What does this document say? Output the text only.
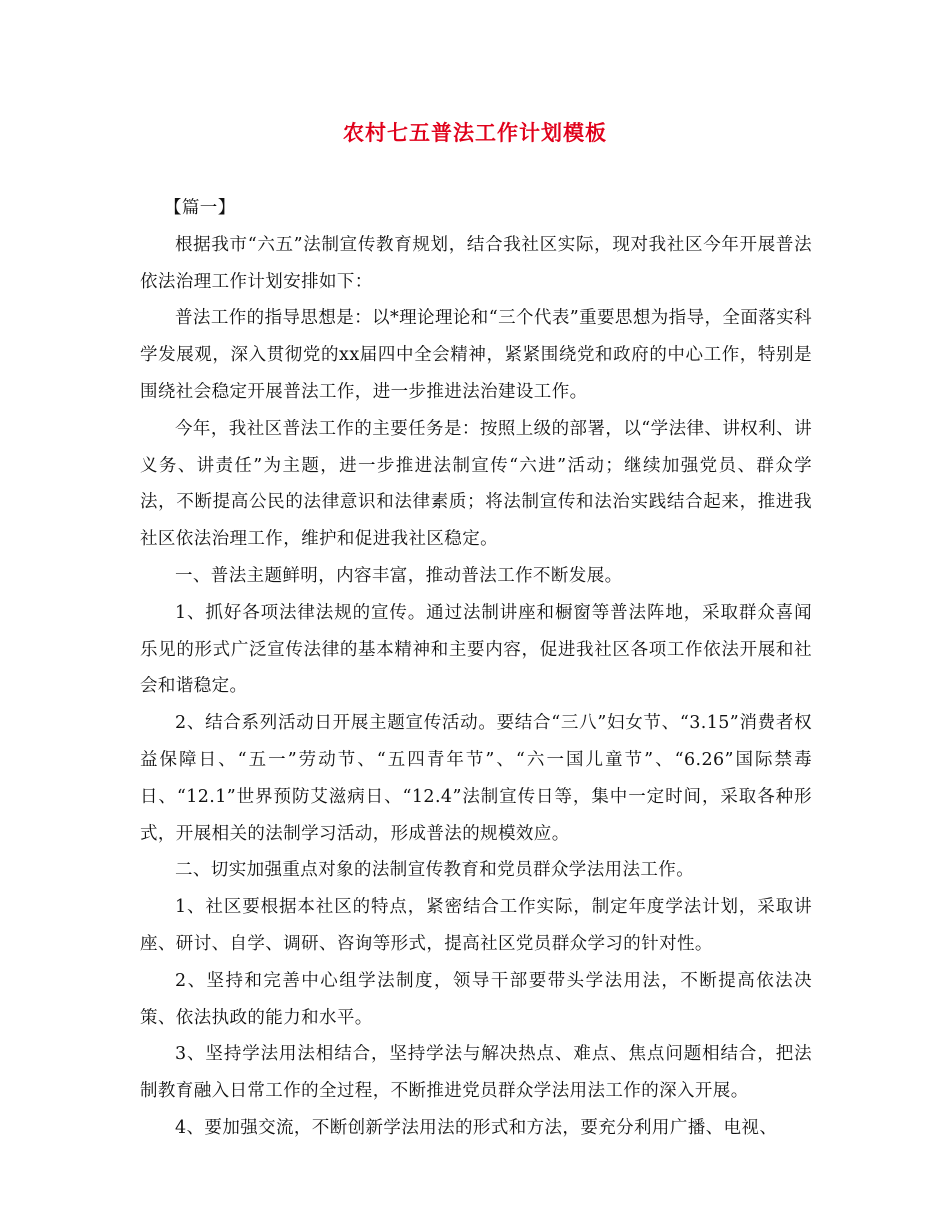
农村七五普法工作计划模板

【篇一】

根据我市“六五”法制宣传教育规划，结合我社区实际，现对我社区今年开展普法依法治理工作计划安排如下：

普法工作的指导思想是：以*理论理论和“三个代表”重要思想为指导，全面落实科学发展观，深入贯彻党的xx届四中全会精神，紧紧围绕党和政府的中心工作，特别是围绕社会稳定开展普法工作，进一步推进法治建设工作。

今年，我社区普法工作的主要任务是：按照上级的部署，以“学法律、讲权利、讲义务、讲责任”为主题，进一步推进法制宣传“六进”活动；继续加强党员、群众学法，不断提高公民的法律意识和法律素质；将法制宣传和法治实践结合起来，推进我社区依法治理工作，维护和促进我社区稳定。

一、普法主题鲜明，内容丰富，推动普法工作不断发展。

1、抓好各项法律法规的宣传。通过法制讲座和橱窗等普法阵地，采取群众喜闻乐见的形式广泛宣传法律的基本精神和主要内容，促进我社区各项工作依法开展和社会和谐稳定。

2、结合系列活动日开展主题宣传活动。要结合“三八”妇女节、“3.15”消费者权益保障日、“五一”劳动节、“五四青年节”、“六一国儿童节”、“6.26”国际禁毒日、“12.1”世界预防艾滋病日、“12.4”法制宣传日等，集中一定时间，采取各种形式，开展相关的法制学习活动，形成普法的规模效应。

二、切实加强重点对象的法制宣传教育和党员群众学法用法工作。

1、社区要根据本社区的特点，紧密结合工作实际，制定年度学法计划，采取讲座、研讨、自学、调研、咨询等形式，提高社区党员群众学习的针对性。

2、坚持和完善中心组学法制度，领导干部要带头学法用法，不断提高依法决策、依法执政的能力和水平。

3、坚持学法用法相结合，坚持学法与解决热点、难点、焦点问题相结合，把法制教育融入日常工作的全过程，不断推进党员群众学法用法工作的深入开展。

4、要加强交流，不断创新学法用法的形式和方法，要充分利用广播、电视、
